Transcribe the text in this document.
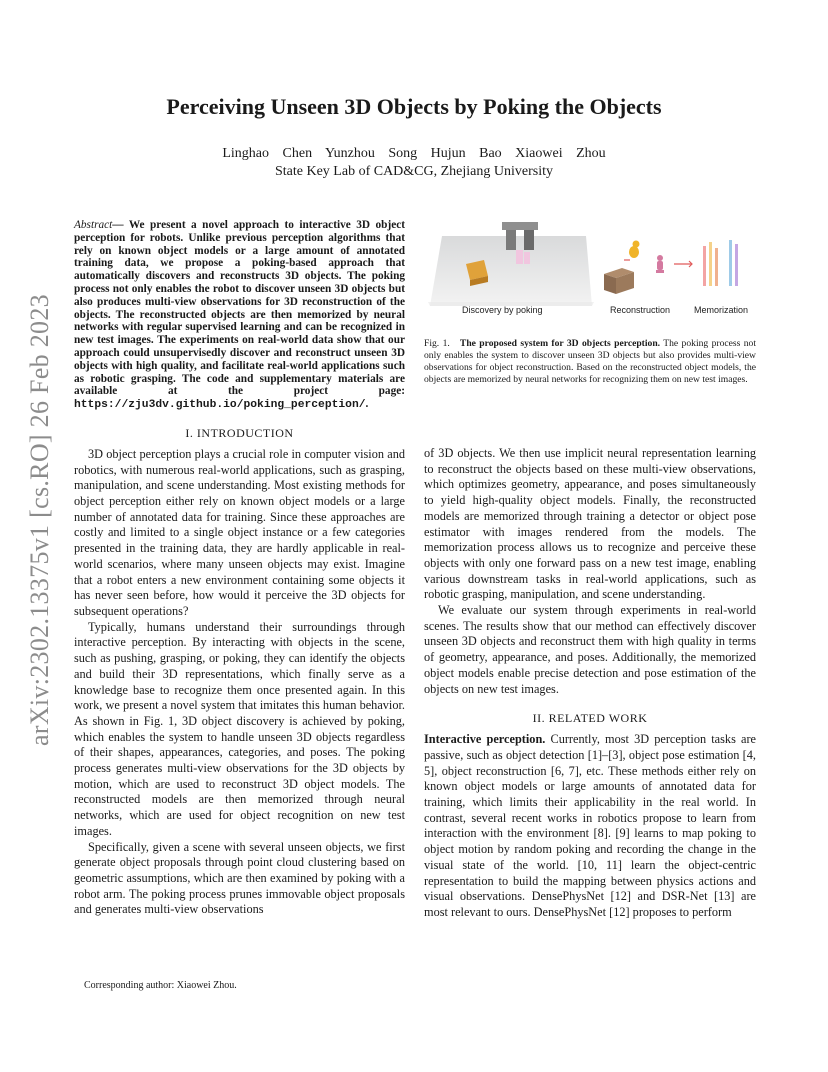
arXiv:2302.13375v1 [cs.RO] 26 Feb 2023
Perceiving Unseen 3D Objects by Poking the Objects
Linghao Chen Yunzhou Song Hujun Bao Xiaowei Zhou
State Key Lab of CAD&CG, Zhejiang University

Abstract— We present a novel approach to interactive 3D object perception for robots. Unlike previous perception algorithms that rely on known object models or a large amount of annotated training data, we propose a poking-based approach that automatically discovers and reconstructs 3D objects. The poking process not only enables the robot to discover unseen 3D objects but also produces multi-view observations for 3D reconstruction of the objects. The reconstructed objects are then memorized by neural networks with regular supervised learning and can be recognized in new test images. The experiments on real-world data show that our approach could unsupervisedly discover and reconstruct unseen 3D objects with high quality, and facilitate real-world applications such as robotic grasping. The code and supplementary materials are available at the project page: https://zju3dv.github.io/poking_perception/.

I. INTRODUCTION

3D object perception plays a crucial role in computer vision and robotics, with numerous real-world applications, such as grasping, manipulation, and scene understanding. Most existing methods for object perception either rely on known object models or a large number of annotated data for training. Since these approaches are costly and limited to a single object instance or a few categories presented in the training data, they are hardly applicable in real-world scenarios, where many unseen objects may exist. Imagine that a robot enters a new environment containing some objects it has never seen before, how would it perceive the 3D objects for subsequent operations?

Typically, humans understand their surroundings through interactive perception. By interacting with objects in the scene, such as pushing, grasping, or poking, they can identify the objects and build their 3D representations, which finally serve as a knowledge base to recognize them once presented again. In this work, we present a novel system that imitates this human behavior. As shown in Fig. 1, 3D object discovery is achieved by poking, which enables the system to handle unseen 3D objects regardless of their shapes, appearances, categories, and poses. The poking process generates multi-view observations for the 3D objects by motion, which are used to reconstruct 3D object models. The reconstructed models are then memorized through neural networks, which are used for object recognition on new test images.

Specifically, given a scene with several unseen objects, we first generate object proposals through point cloud clustering based on geometric assumptions, which are then examined by poking with a robot arm. The poking process prunes immovable object proposals and generates multi-view observations

Discovery by poking	Reconstruction	Memorization
Fig. 1. The proposed system for 3D objects perception. The poking process not only enables the system to discover unseen 3D objects but also provides multi-view observations for object reconstruction. Based on the reconstructed object models, the objects are memorized by neural networks for recognizing them on new test images.

of 3D objects. We then use implicit neural representation learning to reconstruct the objects based on these multi-view observations, which optimizes geometry, appearance, and poses simultaneously to yield high-quality object models. Finally, the reconstructed models are memorized through training a detector or object pose estimator with images rendered from the models. The memorization process allows us to recognize and perceive these objects with only one forward pass on a new test image, enabling various downstream tasks in real-world applications, such as robotic grasping, manipulation, and scene understanding.

We evaluate our system through experiments in real-world scenes. The results show that our method can effectively discover unseen 3D objects and reconstruct them with high quality in terms of geometry, appearance, and poses. Additionally, the memorized object models enable precise detection and pose estimation of the objects on new test images.

II. RELATED WORK

Interactive perception. Currently, most 3D perception tasks are passive, such as object detection [1]–[3], object pose estimation [4, 5], object reconstruction [6, 7], etc. These methods either rely on known object models or large amounts of annotated data for training, which limits their applicability in the real world. In contrast, several recent works in robotics propose to learn from interaction with the environment [8]. [9] learns to map poking to object motion by random poking and recording the change in the visual state of the world. [10, 11] learn the object-centric representation to build the mapping between physics actions and visual observations. DensePhysNet [12] and DSR-Net [13] are most relevant to ours. DensePhysNet [12] proposes to perform

Corresponding author: Xiaowei Zhou.
